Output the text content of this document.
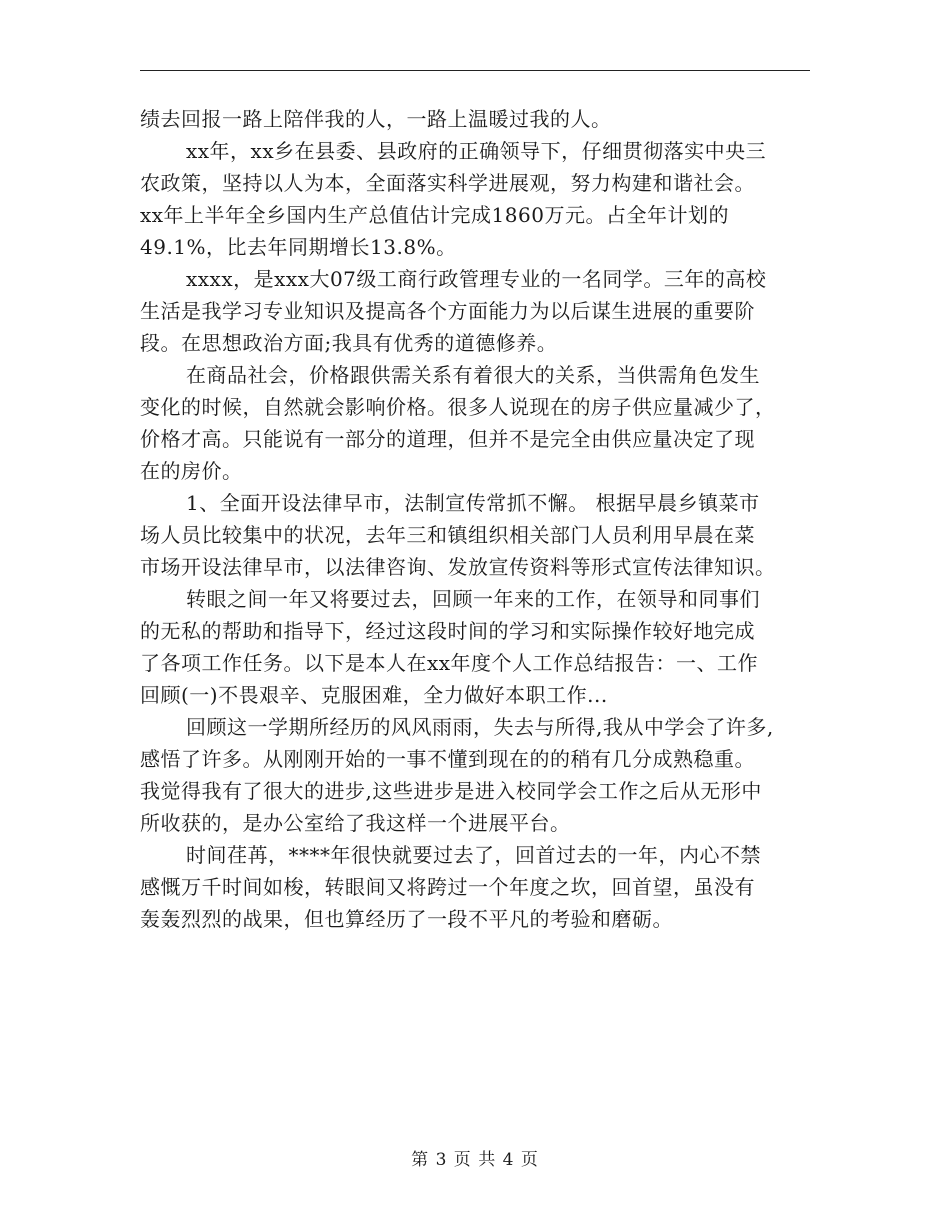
绩去回报一路上陪伴我的人，一路上温暖过我的人。

xx年，xx乡在县委、县政府的正确领导下，仔细贯彻落实中央三
农政策，坚持以人为本，全面落实科学进展观，努力构建和谐社会。
xx年上半年全乡国内生产总值估计完成1860万元。占全年计划的
49.1%，比去年同期增长13.8%。

xxxx，是xxx大07级工商行政管理专业的一名同学。三年的高校
生活是我学习专业知识及提高各个方面能力为以后谋生进展的重要阶
段。在思想政治方面;我具有优秀的道德修养。

在商品社会，价格跟供需关系有着很大的关系，当供需角色发生
变化的时候，自然就会影响价格。很多人说现在的房子供应量减少了，
价格才高。只能说有一部分的道理，但并不是完全由供应量决定了现
在的房价。

1、全面开设法律早市，法制宣传常抓不懈。 根据早晨乡镇菜市
场人员比较集中的状况，去年三和镇组织相关部门人员利用早晨在菜
市场开设法律早市，以法律咨询、发放宣传资料等形式宣传法律知识。

转眼之间一年又将要过去，回顾一年来的工作，在领导和同事们
的无私的帮助和指导下，经过这段时间的学习和实际操作较好地完成
了各项工作任务。以下是本人在xx年度个人工作总结报告：一、工作
回顾(一)不畏艰辛、克服困难，全力做好本职工作...

回顾这一学期所经历的风风雨雨，失去与所得,我从中学会了许多,
感悟了许多。从刚刚开始的一事不懂到现在的的稍有几分成熟稳重。
我觉得我有了很大的进步,这些进步是进入校同学会工作之后从无形中
所收获的，是办公室给了我这样一个进展平台。

时间荏苒，****年很快就要过去了，回首过去的一年，内心不禁
感慨万千时间如梭，转眼间又将跨过一个年度之坎，回首望，虽没有
轰轰烈烈的战果，但也算经历了一段不平凡的考验和磨砺。

第 3 页 共 4 页
